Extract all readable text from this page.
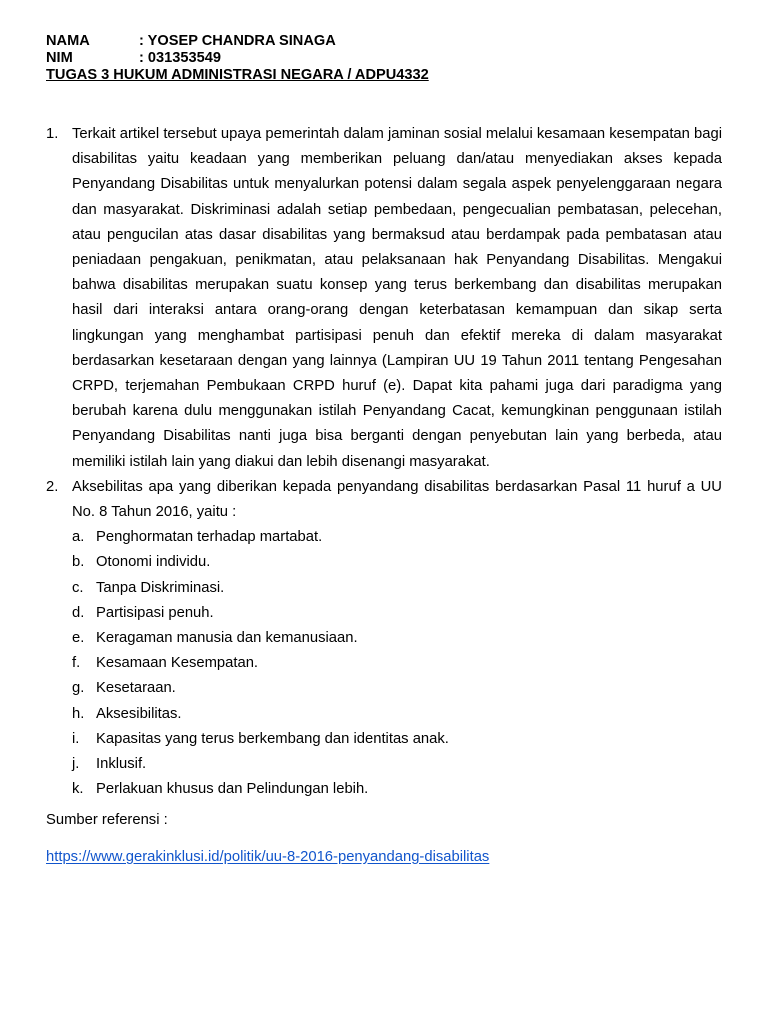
NAMA	: YOSEP CHANDRA SINAGA
NIM	: 031353549
TUGAS 3 HUKUM ADMINISTRASI NEGARA / ADPU4332
1. Terkait artikel tersebut upaya pemerintah dalam jaminan sosial melalui kesamaan kesempatan bagi disabilitas yaitu keadaan yang memberikan peluang dan/atau menyediakan akses kepada Penyandang Disabilitas untuk menyalurkan potensi dalam segala aspek penyelenggaraan negara dan masyarakat. Diskriminasi adalah setiap pembedaan, pengecualian pembatasan, pelecehan, atau pengucilan atas dasar disabilitas yang bermaksud atau berdampak pada pembatasan atau peniadaan pengakuan, penikmatan, atau pelaksanaan hak Penyandang Disabilitas. Mengakui bahwa disabilitas merupakan suatu konsep yang terus berkembang dan disabilitas merupakan hasil dari interaksi antara orang-orang dengan keterbatasan kemampuan dan sikap serta lingkungan yang menghambat partisipasi penuh dan efektif mereka di dalam masyarakat berdasarkan kesetaraan dengan yang lainnya (Lampiran UU 19 Tahun 2011 tentang Pengesahan CRPD, terjemahan Pembukaan CRPD huruf (e). Dapat kita pahami juga dari paradigma yang berubah karena dulu menggunakan istilah Penyandang Cacat, kemungkinan penggunaan istilah Penyandang Disabilitas nanti juga bisa berganti dengan penyebutan lain yang berbeda, atau memiliki istilah lain yang diakui dan lebih disenangi masyarakat.
2. Aksebilitas apa yang diberikan kepada penyandang disabilitas berdasarkan Pasal 11 huruf a UU No. 8 Tahun 2016, yaitu :
a. Penghormatan terhadap martabat.
b. Otonomi individu.
c. Tanpa Diskriminasi.
d. Partisipasi penuh.
e. Keragaman manusia dan kemanusiaan.
f.	Kesamaan Kesempatan.
g. Kesetaraan.
h. Aksesibilitas.
i.	Kapasitas yang terus berkembang dan identitas anak.
j.	Inklusif.
k. Perlakuan khusus dan Pelindungan lebih.
Sumber referensi :
https://www.gerakinklusi.id/politik/uu-8-2016-penyandang-disabilitas
